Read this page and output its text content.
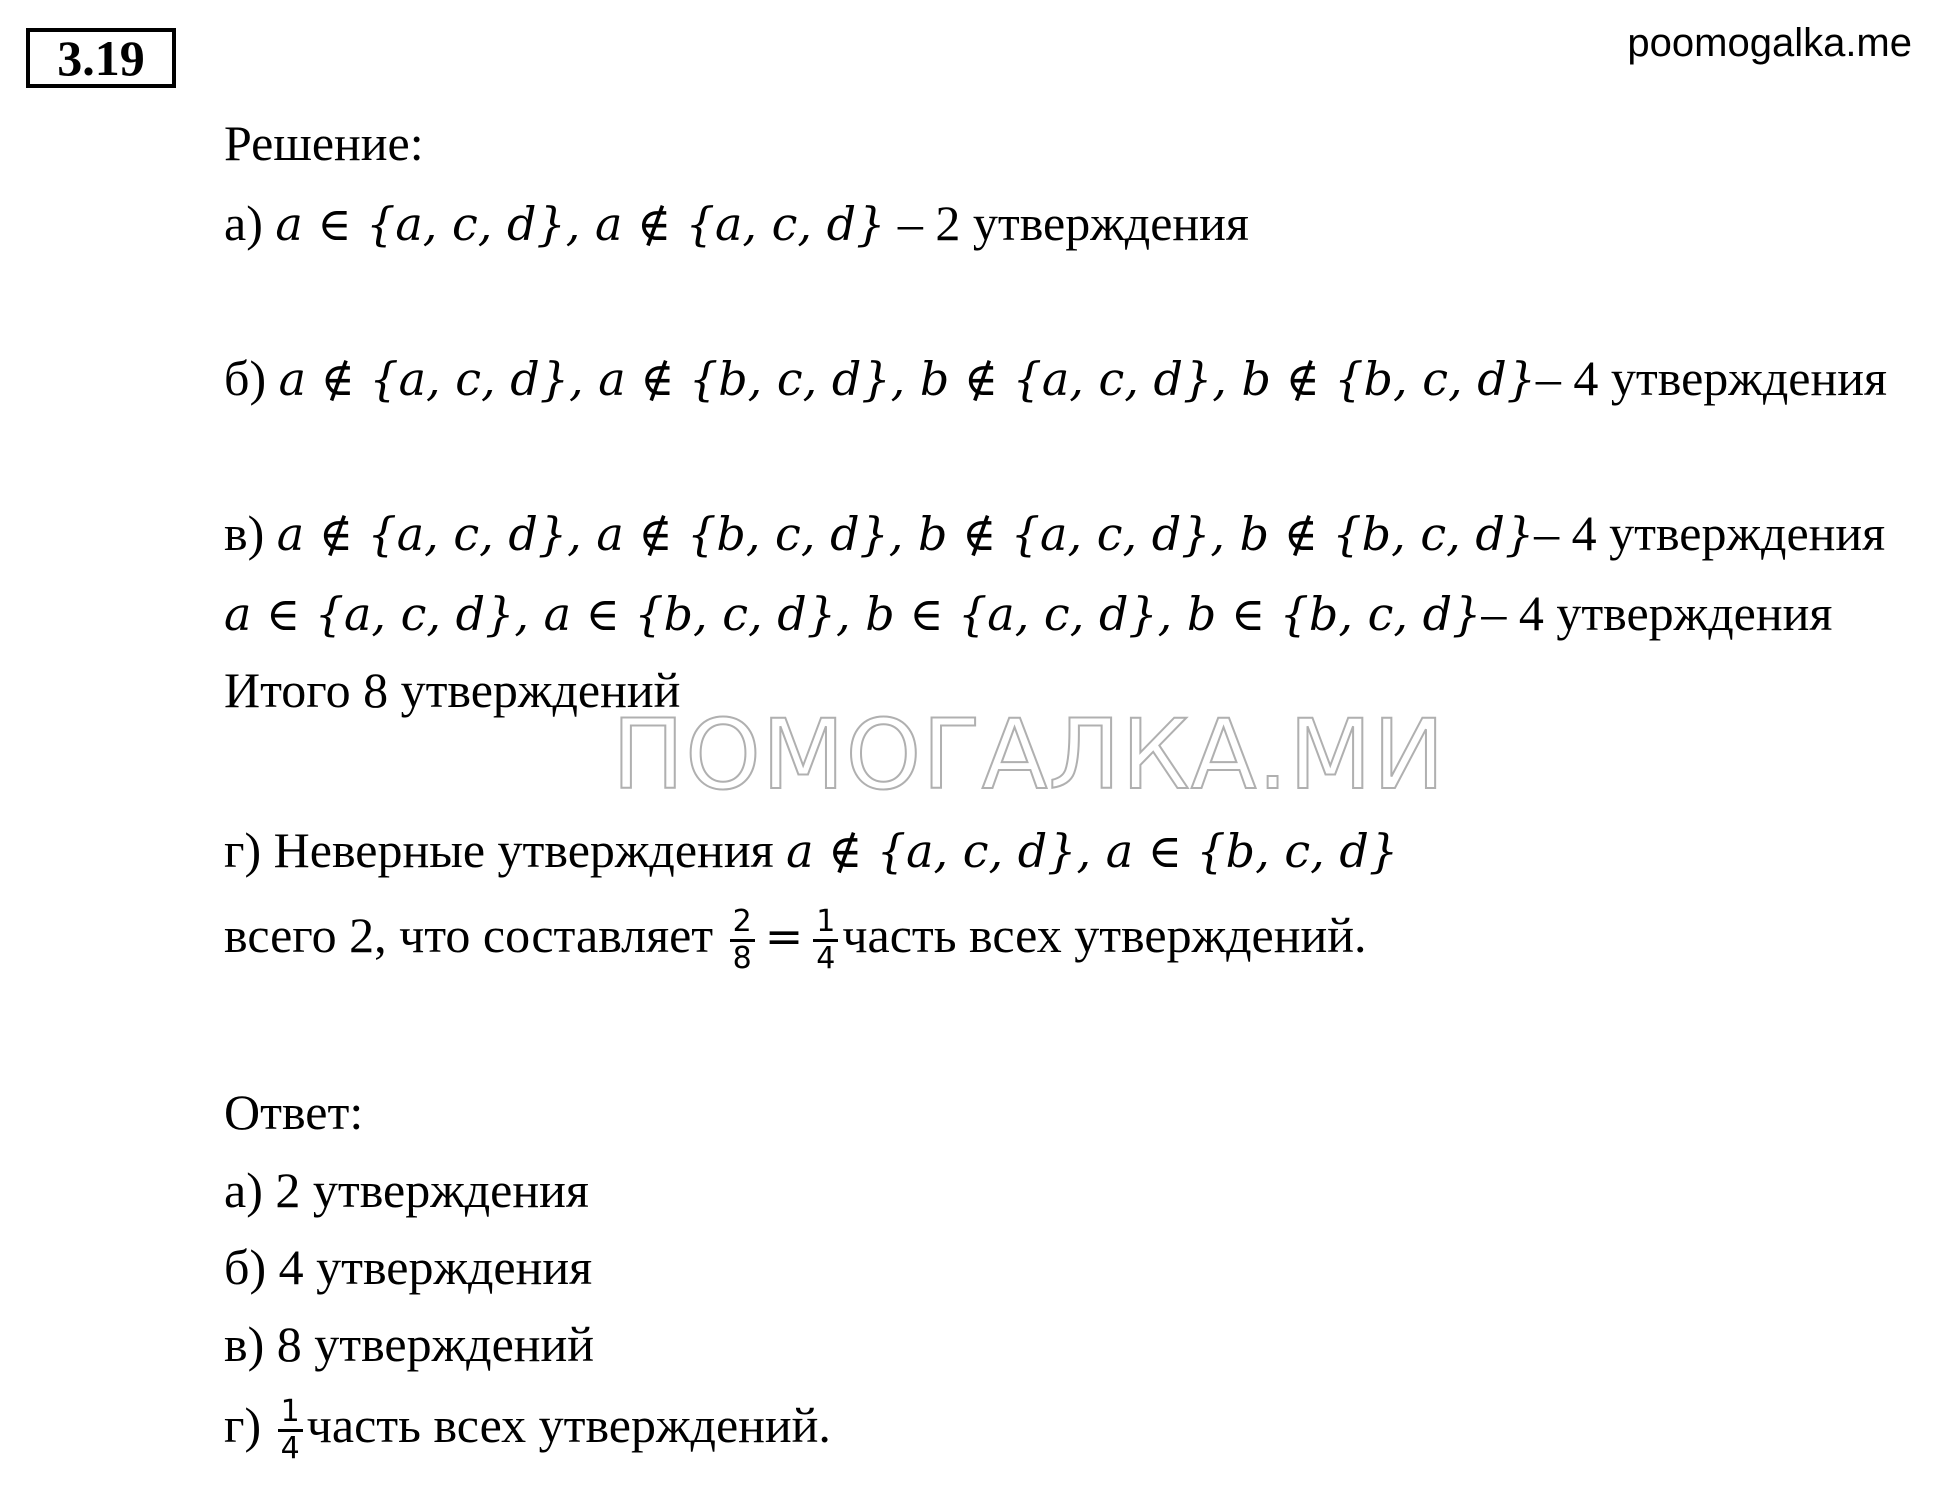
3.19	poomogalka.me
ПОМОГАЛКА.МИ
Решение:
а) a ∈ {a, c, d}, a ∉ {a, c, d} – 2 утверждения
б) a ∉ {a, c, d}, a ∉ {b, c, d}, b ∉ {a, c, d}, b ∉ {b, c, d}– 4 утверждения
в) a ∉ {a, c, d}, a ∉ {b, c, d}, b ∉ {a, c, d}, b ∉ {b, c, d}– 4 утверждения
a ∈ {a, c, d}, a ∈ {b, c, d}, b ∈ {a, c, d}, b ∈ {b, c, d}– 4 утверждения
Итого 8 утверждений
г) Неверные утверждения a ∉ {a, c, d}, a ∈ {b, c, d}
всего 2, что составляет $\frac{2}{8} = \frac{1}{4}$ часть всех утверждений.
Ответ:
а) 2 утверждения
б) 4 утверждения
в) 8 утверждений
$г) \frac{1}{4}$ часть всех утверждений.
